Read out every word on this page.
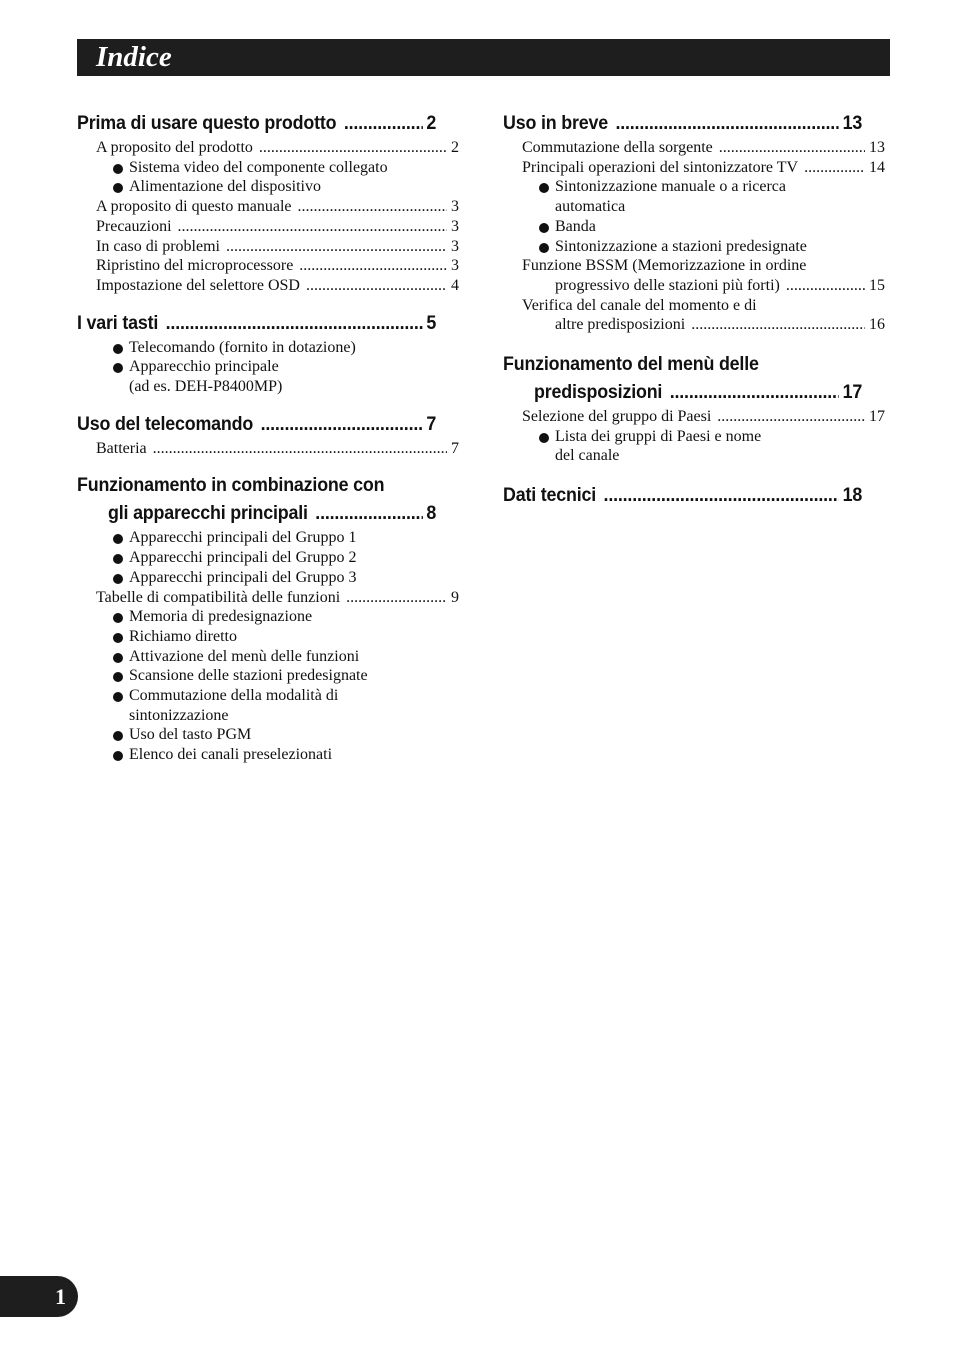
Indice
Prima di usare questo prodotto .....	2
A proposito del prodotto .....	2
Sistema video del componente collegato
Alimentazione del dispositivo
A proposito di questo manuale .....	3
Precauzioni .....	3
In caso di problemi .....	3
Ripristino del microprocessore .....	3
Impostazione del selettore OSD .....	4
I vari tasti .....	5
Telecomando (fornito in dotazione)
Apparecchio principale
(ad es. DEH-P8400MP)
Uso del telecomando .....	7
Batteria .....	7
Funzionamento in combinazione con
gli apparecchi principali .....	8
Apparecchi principali del Gruppo 1
Apparecchi principali del Gruppo 2
Apparecchi principali del Gruppo 3
Tabelle di compatibilità delle funzioni .....	9
Memoria di predesignazione
Richiamo diretto
Attivazione del menù delle funzioni
Scansione delle stazioni predesignate
Commutazione della modalità di
sintonizzazione
Uso del tasto PGM
Elenco dei canali preselezionati
Uso in breve .....	13
Commutazione della sorgente .....	13
Principali operazioni del sintonizzatore TV .....	14
Sintonizzazione manuale o a ricerca
automatica
Banda
Sintonizzazione a stazioni predesignate
Funzione BSSM (Memorizzazione in ordine
progressivo delle stazioni più forti) .....	15
Verifica del canale del momento e di
altre predisposizioni .....	16
Funzionamento del menù delle
predisposizioni .....	17
Selezione del gruppo di Paesi .....	17
Lista dei gruppi di Paesi e nome
del canale
Dati tecnici .....	18
1
